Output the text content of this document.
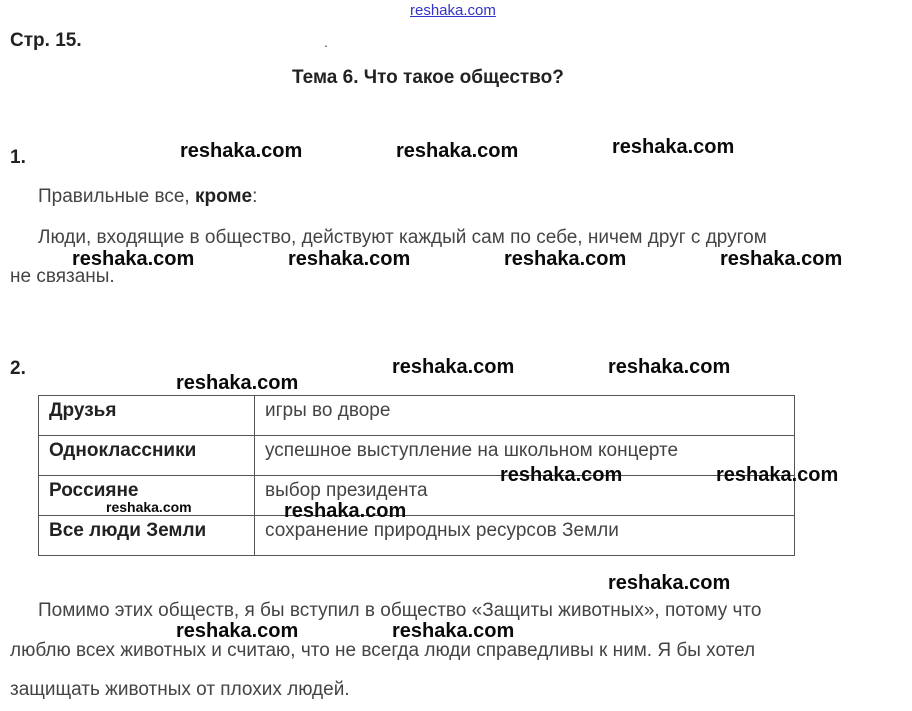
reshaka.com
Стр. 15.	.
Тема 6. Что такое общество?
1.
Правильные все, кроме:
Люди, входящие в общество, действуют каждый сам по себе, ничем друг с другом
не связаны.
2.
Друзья	игры во дворе
Одноклассники	успешное выступление на школьном концерте
Россияне	выбор президента
Все люди Земли	сохранение природных ресурсов Земли
Помимо этих обществ, я бы вступил в общество «Защиты животных», потому что
люблю всех животных и считаю, что не всегда люди справедливы к ним. Я бы хотел
защищать животных от плохих людей.
reshaka.com	reshaka.com	reshaka.com
reshaka.com	reshaka.com	reshaka.com	reshaka.com
reshaka.com	reshaka.com
reshaka.com
reshaka.com	reshaka.com
reshaka.com	reshaka.com
reshaka.com
reshaka.com	reshaka.com
